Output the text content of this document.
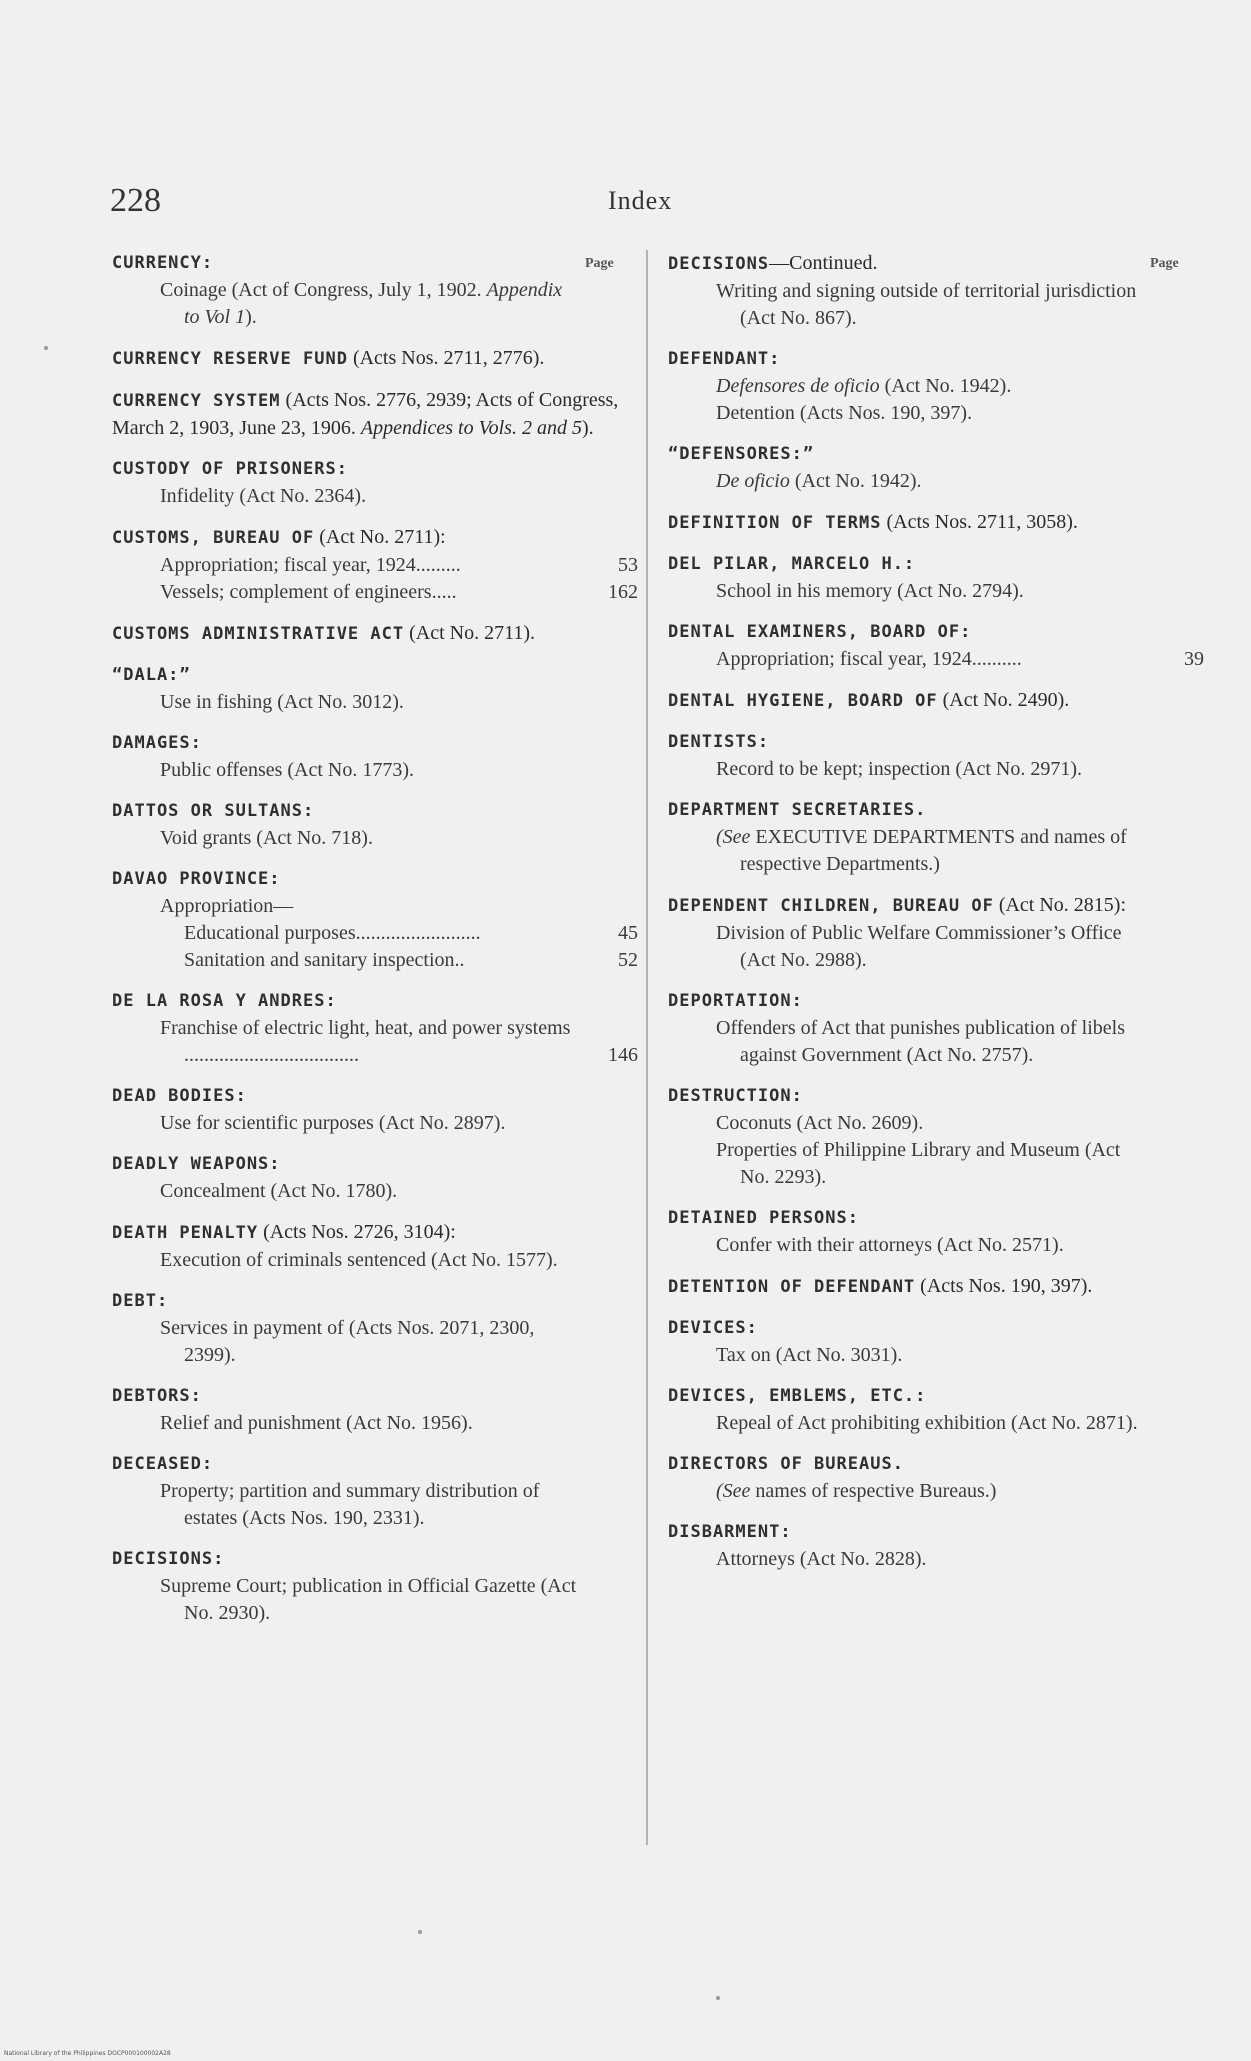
228	Index
Page	Page
CURRENCY:
Coinage (Act of Congress, July 1, 1902. Appendix to Vol 1).
CURRENCY RESERVE FUND (Acts Nos. 2711, 2776).
CURRENCY SYSTEM (Acts Nos. 2776, 2939; Acts of Congress, March 2, 1903, June 23, 1906. Appendices to Vols. 2 and 5).
CUSTODY OF PRISONERS:
Infidelity (Act No. 2364).
CUSTOMS, BUREAU OF (Act No. 2711):
Appropriation; fiscal year, 1924.........	53
Vessels; complement of engineers.....	162
CUSTOMS ADMINISTRATIVE ACT (Act No. 2711).
“DALA:”
Use in fishing (Act No. 3012).
DAMAGES:
Public offenses (Act No. 1773).
DATTOS OR SULTANS:
Void grants (Act No. 718).
DAVAO PROVINCE:
Appropriation—
Educational purposes.........................	45
Sanitation and sanitary inspection..	52
DE LA ROSA Y ANDRES:
Franchise of electric light, heat, and power systems ...................................	146
DEAD BODIES:
Use for scientific purposes (Act No. 2897).
DEADLY WEAPONS:
Concealment (Act No. 1780).
DEATH PENALTY (Acts Nos. 2726, 3104):
Execution of criminals sentenced (Act No. 1577).
DEBT:
Services in payment of (Acts Nos. 2071, 2300, 2399).
DEBTORS:
Relief and punishment (Act No. 1956).
DECEASED:
Property; partition and summary distribution of estates (Acts Nos. 190, 2331).
DECISIONS:
Supreme Court; publication in Official Gazette (Act No. 2930).
DECISIONS—Continued.
Writing and signing outside of territorial jurisdiction (Act No. 867).
DEFENDANT:
Defensores de oficio (Act No. 1942).
Detention (Acts Nos. 190, 397).
“DEFENSORES:”
De oficio (Act No. 1942).
DEFINITION OF TERMS (Acts Nos. 2711, 3058).
DEL PILAR, MARCELO H.:
School in his memory (Act No. 2794).
DENTAL EXAMINERS, BOARD OF:
Appropriation; fiscal year, 1924..........	39
DENTAL HYGIENE, BOARD OF (Act No. 2490).
DENTISTS:
Record to be kept; inspection (Act No. 2971).
DEPARTMENT SECRETARIES.
(See EXECUTIVE DEPARTMENTS and names of respective Departments.)
DEPENDENT CHILDREN, BUREAU OF (Act No. 2815):
Division of Public Welfare Commissioner’s Office (Act No. 2988).
DEPORTATION:
Offenders of Act that punishes publication of libels against Government (Act No. 2757).
DESTRUCTION:
Coconuts (Act No. 2609).
Properties of Philippine Library and Museum (Act No. 2293).
DETAINED PERSONS:
Confer with their attorneys (Act No. 2571).
DETENTION OF DEFENDANT (Acts Nos. 190, 397).
DEVICES:
Tax on (Act No. 3031).
DEVICES, EMBLEMS, ETC.:
Repeal of Act prohibiting exhibition (Act No. 2871).
DIRECTORS OF BUREAUS.
(See names of respective Bureaus.)
DISBARMENT:
Attorneys (Act No. 2828).
National Library of the Philippines DOCP000100002A28
